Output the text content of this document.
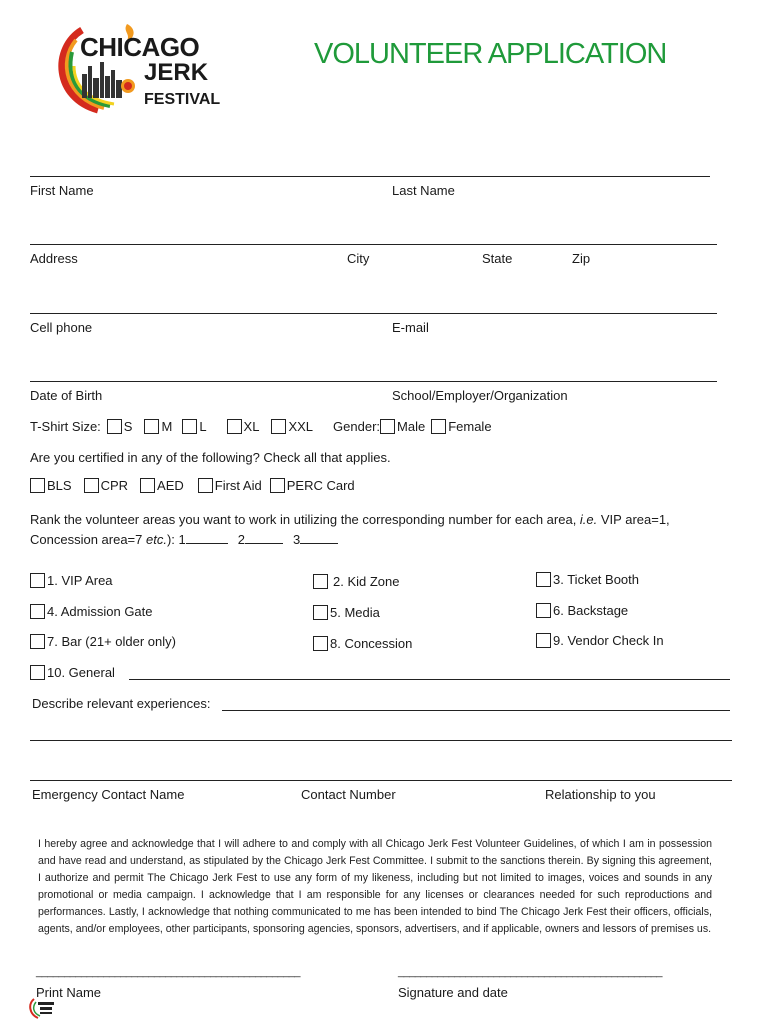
CHICAGO
JERK
FESTIVAL
VOLUNTEER APPLICATION
First Name	Last Name
Address	City	State	Zip
Cell phone	E-mail
Date of Birth	School/Employer/Organization
T-Shirt Size: S M L	XL XXL Gender: Male Female
Are you certified in any of the following? Check all that applies.
BLS CPR AED First Aid PERC Card
Rank the volunteer areas you want to work in utilizing the corresponding number for each area, i.e. VIP area=1,
Concession area=7 etc.): 1	2	3
1. VIP Area	2. Kid Zone	3. Ticket Booth
4. Admission Gate	5. Media	6. Backstage
7. Bar (21+ older only)	8. Concession	9. Vendor Check In
10. General
Describe relevant experiences:
Emergency Contact Name	Contact Number	Relationship to you
I hereby agree and acknowledge that I will adhere to and comply with all Chicago Jerk Fest Volunteer Guidelines, of which I am in possession and have read and understand, as stipulated by the Chicago Jerk Fest Committee. I submit to the sanctions therein. By signing this agreement, I authorize and permit The Chicago Jerk Fest to use any form of my likeness, including but not limited to images, voices and sounds in any promotional or media campaign. I acknowledge that I am responsible for any licenses or clearances needed for such reproductions and performances. Lastly, I acknowledge that nothing communicated to me has been intended to bind The Chicago Jerk Fest their officers, officials, agents, and/or employees, other participants, sponsoring agencies, sponsors, advertisers, and if applicable, owners and lessors of premises us.
_______________________________________________	_______________________________________________
Print Name	Signature and date
